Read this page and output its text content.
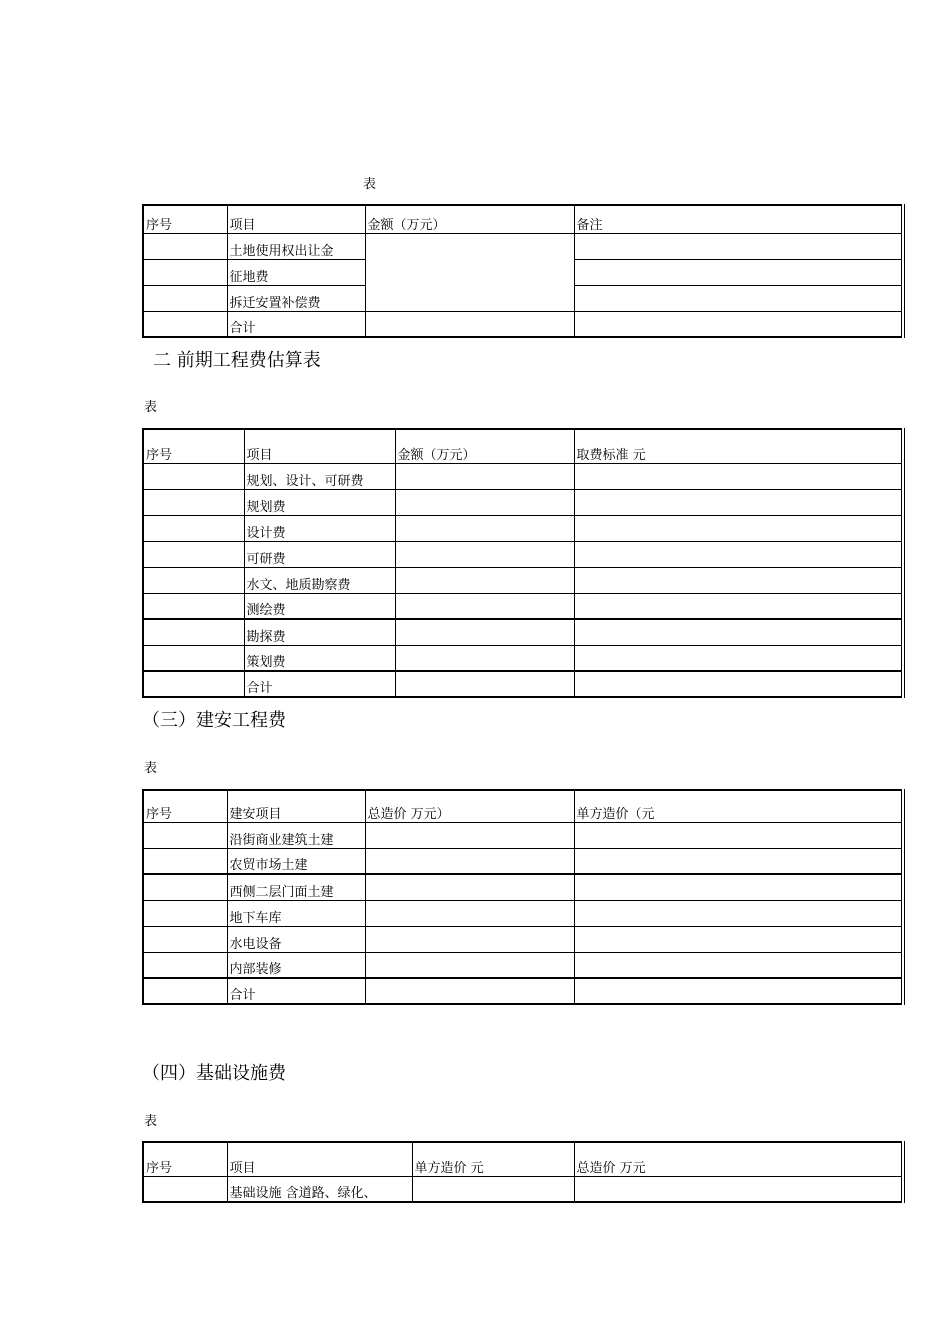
表
序号	项目	金额（万元）	备注
	土地使用权出让金		
	征地费		
	拆迁安置补偿费		
	合计		
二 前期工程费估算表
表
序号	项目	金额（万元）	取费标准 元
	规划、设计、可研费		
	规划费		
	设计费		
	可研费		
	水文、地质勘察费		
	测绘费		
	勘探费		
	策划费		
	合计		
（三）建安工程费
表
序号	建安项目	总造价 万元）	单方造价（元
	沿街商业建筑土建		
	农贸市场土建		
	西侧二层门面土建		
	地下车库		
	水电设备		
	内部装修		
	合计		
（四）基础设施费
表
序号	项目	单方造价 元	总造价 万元
	基础设施 含道路、绿化、		
